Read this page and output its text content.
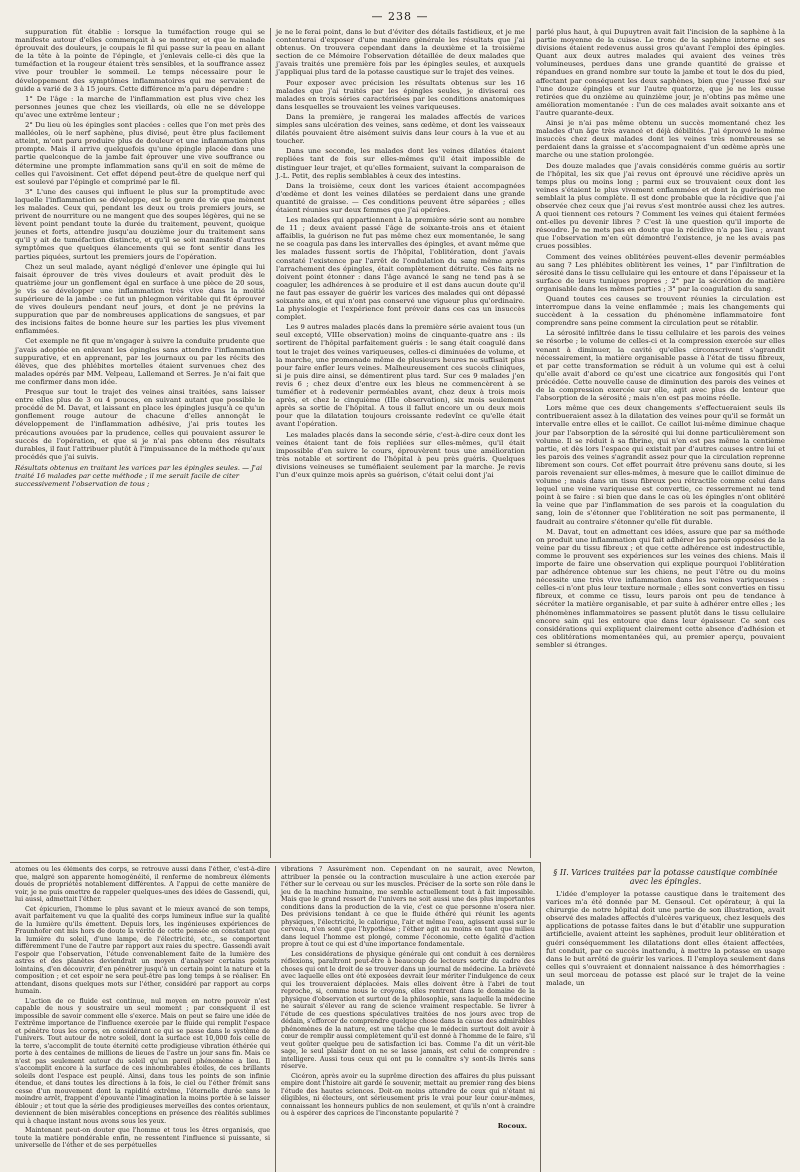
— 238 —

suppuration fût établie : lorsque la tuméfaction rouge qui se manifeste autour d'elles commençait à se montrer, et que le malade éprouvait des douleurs, je coupais le fil qui passe sur la peau en allant de la tête à la pointe de l'épingle, et j'enlevais celle-ci dès que la tuméfaction et la rougeur étaient très sensibles, et la souffrance assez vive pour troubler le sommeil. Le temps nécessaire pour le développement des symptômes inflammatoires qui me servaient de guide a varié de 3 à 15 jours. Cette différence m'a paru dépendre :

1° De l'âge : la marche de l'inflammation est plus vive chez les personnes jeunes que chez les vieillards, où elle ne se développe qu'avec une extrême lenteur ;

2° Du lieu où les épingles sont placées : celles que l'on met près des malléoles, où le nerf saphène, plus divisé, peut être plus facilement atteint, m'ont paru produire plus de douleur et une inflammation plus prompte. Mais il arrive quelquefois qu'une épingle placée dans une partie quelconque de la jambe fait éprouver une vive souffrance ou détermine une prompte inflammation sans qu'il en soit de même de celles qui l'avoisinent. Cet effet dépend peut-être de quelque nerf qui est soulevé par l'épingle et comprimé par le fil.

3° L'une des causes qui influent le plus sur la promptitude avec laquelle l'inflammation se développe, est le genre de vie que mènent les malades. Ceux qui, pendant les deux ou trois premiers jours, se privent de nourriture ou ne mangent que des soupes légères, qui ne se lèvent point pendant toute la durée du traitement, peuvent, quoique jeunes et forts, attendre jusqu'au douzième jour du traitement sans qu'il y ait de tuméfaction distincte, et qu'il se soit manifesté d'autres symptômes que quelques élancements qui se font sentir dans les parties piquées, surtout les premiers jours de l'opération.

Chez un seul malade, ayant négligé d'enlever une épingle qui lui faisait éprouver de très vives douleurs et avait produit dès le quatrième jour un gonflement égal en surface à une pièce de 20 sous, je vis se développer une inflammation très vive dans la moitié supérieure de la jambe : ce fut un phlegmon véritable qui fit éprouver de vives douleurs pendant neuf jours, et dont je ne prévins la suppuration que par de nombreuses applications de sangsues, et par des incisions faites de bonne heure sur les parties les plus vivement enflammées.

Cet exemple ne fit que m'engager à suivre la conduite prudente que j'avais adoptée en enlevant les épingles sans attendre l'inflammation suppurative, et en apprenant, par les journaux ou par les récits des élèves, que des phlébites mortelles étaient survenues chez des malades opérés par MM. Velpeau, Lallemand et Serres. Je n'ai fait que me confirmer dans mon idée.

Presque sur tout le trajet des veines ainsi traitées, sans laisser entre elles plus de 3 ou 4 pouces, en suivant autant que possible le procédé de M. Davat, et laissant en place les épingles jusqu'à ce qu'un gonflement rouge autour de chacune d'elles annonçât le développement de l'inflammation adhésive, j'ai pris toutes les précautions avouées par la prudence, celles qui pouvaient assurer le succès de l'opération, et que si je n'ai pas obtenu des résultats durables, il faut l'attribuer plutôt à l'impuissance de la méthode qu'aux procédés que j'ai suivis.

Résultats obtenus en traitant les varices par les épingles seules. — J'ai traité 16 malades par cette méthode ; il me serait facile de citer successivement l'observation de tous ;

je ne le ferai point, dans le but d'éviter des détails fastidieux, et je me contenterai d'exposer d'une manière générale les résultats que j'ai obtenus. On trouvera cependant dans la deuxième et la troisième section de ce Mémoire l'observation détaillée de deux malades que j'avais traités une première fois par les épingles seules, et auxquels j'appliquai plus tard de la potasse caustique sur le trajet des veines.

Pour exposer avec précision les résultats obtenus sur les 16 malades que j'ai traités par les épingles seules, je diviserai ces malades en trois séries caractérisées par les conditions anatomiques dans lesquelles se trouvaient les veines variqueuses.

Dans la première, je rangerai les malades affectés de varices simples sans ulcération des veines, sans œdème, et dont les vaisseaux dilatés pouvaient être aisément suivis dans leur cours à la vue et au toucher.

Dans une seconde, les malades dont les veines dilatées étaient repliées tant de fois sur elles-mêmes qu'il était impossible de distinguer leur trajet, et qu'elles formaient, suivant la comparaison de J.-L. Petit, des replis semblables à ceux des intestins.

Dans la troisième, ceux dont les varices étaient accompagnées d'œdème et dont les veines dilatées se perdaient dans une grande quantité de graisse. — Ces conditions peuvent être séparées ; elles étaient réunies sur deux femmes que j'ai opérées.

Les malades qui appartiennent à la première série sont au nombre de 11 ; deux avaient passé l'âge de soixante-trois ans et étaient affaiblis, la guérison ne fut pas même chez eux momentanée, le sang ne se coagula pas dans les intervalles des épingles, et avant même que les malades fussent sortis de l'hôpital, l'oblitération, dont j'avais constaté l'existence par l'arrêt de l'ondulation du sang même après l'arrachement des épingles, était complètement détruite. Ces faits ne doivent point étonner : dans l'âge avancé le sang ne tend pas à se coaguler, les adhérences à se produire et il est dans aucun doute qu'il ne faut pas essayer de guérir les varices des malades qui ont dépassé soixante ans, et qui n'ont pas conservé une vigueur plus qu'ordinaire. La physiologie et l'expérience font prévoir dans ces cas un insuccès complet.

Les 9 autres malades placés dans la première série avaient tous (un seul excepté, VIIIe observation) moins de cinquante-quatre ans : ils sortirent de l'hôpital parfaitement guéris : le sang était coagulé dans tout le trajet des veines variqueuses, celles-ci diminuées de volume, et la marche, une promenade même de plusieurs heures ne suffisait plus pour faire enfler leurs veines. Malheureusement ces succès cliniques, si je puis dire ainsi, se démentirent plus tard. Sur ces 9 malades j'en revis 6 ; chez deux d'entre eux les bleus ne commencèrent à se tuméfier et à redevenir perméables avant, chez deux à trois mois après, et chez le cinquième (IIIe observation), six mois seulement après sa sortie de l'hôpital. A tous il fallut encore un ou deux mois pour que la dilatation toujours croissante redevînt ce qu'elle était avant l'opération.

Les malades placés dans la seconde série, c'est-à-dire ceux dont les veines étaient tant de fois repliées sur elles-mêmes, qu'il était impossible d'en suivre le cours, éprouvèrent tous une amélioration très notable et sortirent de l'hôpital à peu près guéris. Quelques divisions veineuses se tuméfiaient seulement par la marche. Je revis l'un d'eux quinze mois après sa guérison, c'était celui dont j'ai

parlé plus haut, à qui Dupuytren avait fait l'incision de la saphène à la partie moyenne de la cuisse. Le tronc de la saphène interne et ses divisions étaient redevenus aussi gros qu'avant l'emploi des épingles. Quant aux deux autres malades qui avaient des veines très volumineuses, perdues dans une grande quantité de graisse et répandues en grand nombre sur toute la jambe et tout le dos du pied, affectant par conséquent les deux saphènes, bien que j'eusse fixé sur l'une douze épingles et sur l'autre quatorze, que je ne les eusse retirées que du onzième au quinzième jour, je n'obtins pas même une amélioration momentanée : l'un de ces malades avait soixante ans et l'autre quarante-deux.

Ainsi je n'ai pas même obtenu un succès momentané chez les malades d'un âge très avancé et déjà débilités. J'ai éprouvé le même insuccès chez deux malades dont les veines très nombreuses se perdaient dans la graisse et s'accompagnaient d'un œdème après une marche ou une station prolongée.

Des douze malades que j'avais considérés comme guéris au sortir de l'hôpital, les six que j'ai revus ont éprouvé une récidive après un temps plus ou moins long ; parmi eux se trouvaient ceux dont les veines s'étaient le plus vivement enflammées et dont la guérison me semblait la plus complète. Il est donc probable que la récidive que j'ai observée chez ceux que j'ai revus s'est montrée aussi chez les autres. A quoi tiennent ces retours ? Comment les veines qui étaient fermées ont-elles pu devenir libres ? C'est là une question qu'il importe de résoudre. Je ne mets pas en doute que la récidive n'a pas lieu ; avant que l'observation m'en eût démontré l'existence, je ne les avais pas crues possibles.

Comment des veines oblitérées peuvent-elles devenir perméables au sang ? Les phlébites oblitèrent les veines, 1° par l'infiltration de sérosité dans le tissu cellulaire qui les entoure et dans l'épaisseur et la surface de leurs tuniques propres ; 2° par la sécrétion de matière organisable dans les mêmes parties ; 3° par la coagulation du sang.

Quand toutes ces causes se trouvent réunies la circulation est interrompue dans la veine enflammée ; mais les changements qui succèdent à la cessation du phénomène inflammatoire font comprendre sans peine comment la circulation peut se rétablir.

La sérosité infiltrée dans le tissu cellulaire et les parois des veines se résorbe ; le volume de celles-ci et la compression exercée sur elles venant à diminuer, la cavité qu'elles circonscrivent s'agrandit nécessairement, la matière organisable passe à l'état de tissu fibreux, et par cette transformation se réduit à un volume qui est à celui qu'elle avait d'abord ce qu'est une cicatrice aux fongosités qui l'ont précédée. Cette nouvelle cause de diminution des parois des veines et de la compression exercée sur elle, agit avec plus de lenteur que l'absorption de la sérosité ; mais n'en est pas moins réelle.

Lors même que ces deux changements s'effectueraient seuls ils contribueraient assez à la dilatation des veines pour qu'il se formât un intervalle entre elles et le caillot. Ce caillot lui-même diminue chaque jour par l'absorption de la sérosité qui lui donne particulièrement son volume. Il se réduit à sa fibrine, qui n'en est pas même la centième partie, et dès lors l'espace qui existait par d'autres causes entre lui et les parois des veines s'agrandit assez pour que la circulation reprenne librement son cours. Cet effet pourrait être prévenu sans doute, si les parois revenaient sur elles-mêmes, à mesure que le caillot diminue de volume ; mais dans un tissu fibreux peu rétractile comme celui dans lequel une veine variqueuse est convertie, ce resserrement ne tend point à se faire : si bien que dans le cas où les épingles n'ont oblitéré la veine que par l'inflammation de ses parois et la coagulation du sang, loin de s'étonner que l'oblitération ne soit pas permanente, il faudrait au contraire s'étonner qu'elle fût durable.

M. Davat, tout en admettant ces idées, assure que par sa méthode on produit une inflammation qui fait adhérer les parois opposées de la veine par du tissu fibreux ; et que cette adhérence est indestructible, comme le prouvent ses expériences sur les veines des chiens. Mais il importe de faire une observation qui explique pourquoi l'oblitération par adhérence obtenue sur les chiens, ne peut l'être ou du moins nécessite une très vive inflammation dans les veines variqueuses : celles-ci n'ont plus leur texture normale ; elles sont converties en tissu fibreux, et comme ce tissu, leurs parois ont peu de tendance à sécréter la matière organisable, et par suite à adhérer entre elles ; les phénomènes inflammatoires se passent plutôt dans le tissu cellulaire encore sain qui les entoure que dans leur épaisseur. Ce sont ces considérations qui expliquent clairement cette absence d'adhésion et ces oblitérations momentanées qui, au premier aperçu, pouvaient sembler si étranges.

atomes ou les éléments des corps, se retrouve aussi dans l'éther, c'est-à-dire que, malgré son apparente homogénéité, il renferme de nombreux éléments doués de propriétés notablement différentes. A l'appui de cette manière de voir, je ne puis omettre de rappeler quelques-unes des idées de Gassendi, qui, lui aussi, admettait l'éther.

Cet épicurien, l'homme le plus savant et le mieux avancé de son temps, avait parfaitement vu que la qualité des corps lumineux influe sur la qualité de la lumière qu'ils émettent. Depuis lors, les ingénieuses expériences de Fraunhofer ont mis hors de doute la vérité de cette pensée en constatant que la lumière du soleil, d'une lampe, de l'électricité, etc., se comportent différemment l'une de l'autre par rapport aux raies du spectre. Gassendi avait l'espoir que l'observation, l'étude convenablement faite de la lumière des astres et des planètes deviendrait un moyen d'analyser certains points lointains, d'en découvrir, d'en pénétrer jusqu'à un certain point la nature et la composition ; et cet espoir ne sera peut-être pas long temps à se réaliser. En attendant, disons quelques mots sur l'éther, considéré par rapport au corps humain.

L'action de ce fluide est continue, nul moyen en notre pouvoir n'est capable de nous y soustraire un seul moment ; par conséquent il est impossible de savoir comment elle s'exerce. Mais on peut se faire une idée de l'extrême importance de l'influence exercée par le fluide qui remplit l'espace et pénètre tous les corps, en considérant ce qui se passe dans le système de l'univers. Tout autour de notre soleil, dont la surface est 10,000 fois celle de la terre, s'accomplit de toute éternité cette prodigieuse vibration éthérée qui porte à des centaines de millions de lieues de l'astre un jour sans fin. Mais ce n'est pas seulement autour du soleil qu'un pareil phénomène a lieu. Il s'accomplit encore à la surface de ces innombrables étoiles, de ces brillants soleils dont l'espace est peuplé. Ainsi, dans tous les points de son infinie étendue, et dans toutes les directions à la fois, le ciel ou l'éther frémit sans cesse d'un mouvement dont la rapidité extrême, l'éternelle durée sans le moindre arrêt, frappent d'épouvante l'imagination la moins portée à se laisser éblouir ; et tout que la série des prodigieuses merveilles des contes orientaux, deviennent de bien misérables conceptions en présence des réalités sublimes qui à chaque instant nous avons sous les yeux.

Maintenant peut-on douter que l'homme et tous les êtres organisés, que toute la matière pondérable enfin, ne ressentent l'influence si puissante, si universelle de l'éther et de ses perpétuelles

vibrations ? Assurément non. Cependant on ne saurait, avec Newton, attribuer la pensée ou la contraction musculaire à une action exercée par l'éther sur le cerveau ou sur les muscles. Préciser de la sorte son rôle dans le jeu de la machine humaine, me semble actuellement tout à fait impossible. Mais que le grand ressort de l'univers ne soit aussi une des plus importantes conditions dans la production de la vie, c'est ce que personne n'osera nier. Des prévisions tendant à ce que le fluide éthéré qui réunit les agents physiques, l'électricité, le calorique, l'air et même l'eau, agissent aussi sur le cerveau, n'en sont que l'hypothèse ; l'éther agit au moins en tant que milieu dans lequel l'homme est plongé, comme l'économie, cette égalité d'action propre à tout ce qui est d'une importance fondamentale.

Les considérations de physique générale qui ont conduit à ces dernières réflexions, paraîtront peut-être à beaucoup de lecteurs sortir du cadre des choses qui ont le droit de se trouver dans un journal de médecine. La brièveté avec laquelle elles ont été exposées devrait leur mériter l'indulgence de ceux qui les trouveraient déplacées. Mais elles doivent être à l'abri de tout reproche, si, comme nous le croyons, elles rentrent dans le domaine de la physique d'observation et surtout de la philosophie, sans laquelle la médecine ne saurait s'élever au rang de science vraiment respectable. Se livrer à l'étude de ces questions spéculatives traitées de nos jours avec trop de dédain, s'efforcer de comprendre quelque chose dans la cause des admirables phénomènes de la nature, est une tâche que le médecin surtout doit avoir à cœur de remplir aussi complètement qu'il est donné à l'homme de le faire, s'il veut goûter quelque peu de satisfaction ici bas. Comme l'a dit un vérit-ble sage, le seul plaisir dont on ne se lasse jamais, est celui de comprendre : intelligere. Aussi tous ceux qui ont pu le connaître s'y sont-ils livrés sans réserve.

Cicéron, après avoir eu la suprême direction des affaires du plus puissant empire dont l'histoire ait gardé le souvenir, mettait au premier rang des biens l'étude des hautes sciences. Doit-on moins attendre de ceux qui n'étant ni éligibles, ni électeurs, ont sérieusement pris le vrai pour leur cœur-mêmes, connaissant les honneurs publics de non seulement, et qu'ils n'ont à craindre ou à espérer des caprices de l'inconstante popularité ?

Rocoux.
§ II. Varices traitées par la potasse caustique combinée avec les épingles.

L'idée d'employer la potasse caustique dans le traitement des varices m'a été donnée par M. Gensoul. Cet opérateur, à qui la chirurgie de notre hôpital doit une partie de son illustration, avait observé des malades affectés d'ulcères variqueux, chez lesquels des applications de potasse faites dans le but d'établir une suppuration artificielle, avaient atteint les saphènes, produit leur oblitération et guéri conséquemment les dilatations dont elles étaient affectées, fut conduit, par ce succès inattendu, à mettre la potasse en usage dans le but arrêté de guérir les varices. Il l'employa seulement dans celles qui s'ouvraient et donnaient naissance à des hémorrhagies : un seul morceau de potasse est placé sur le trajet de la veine malade, un
